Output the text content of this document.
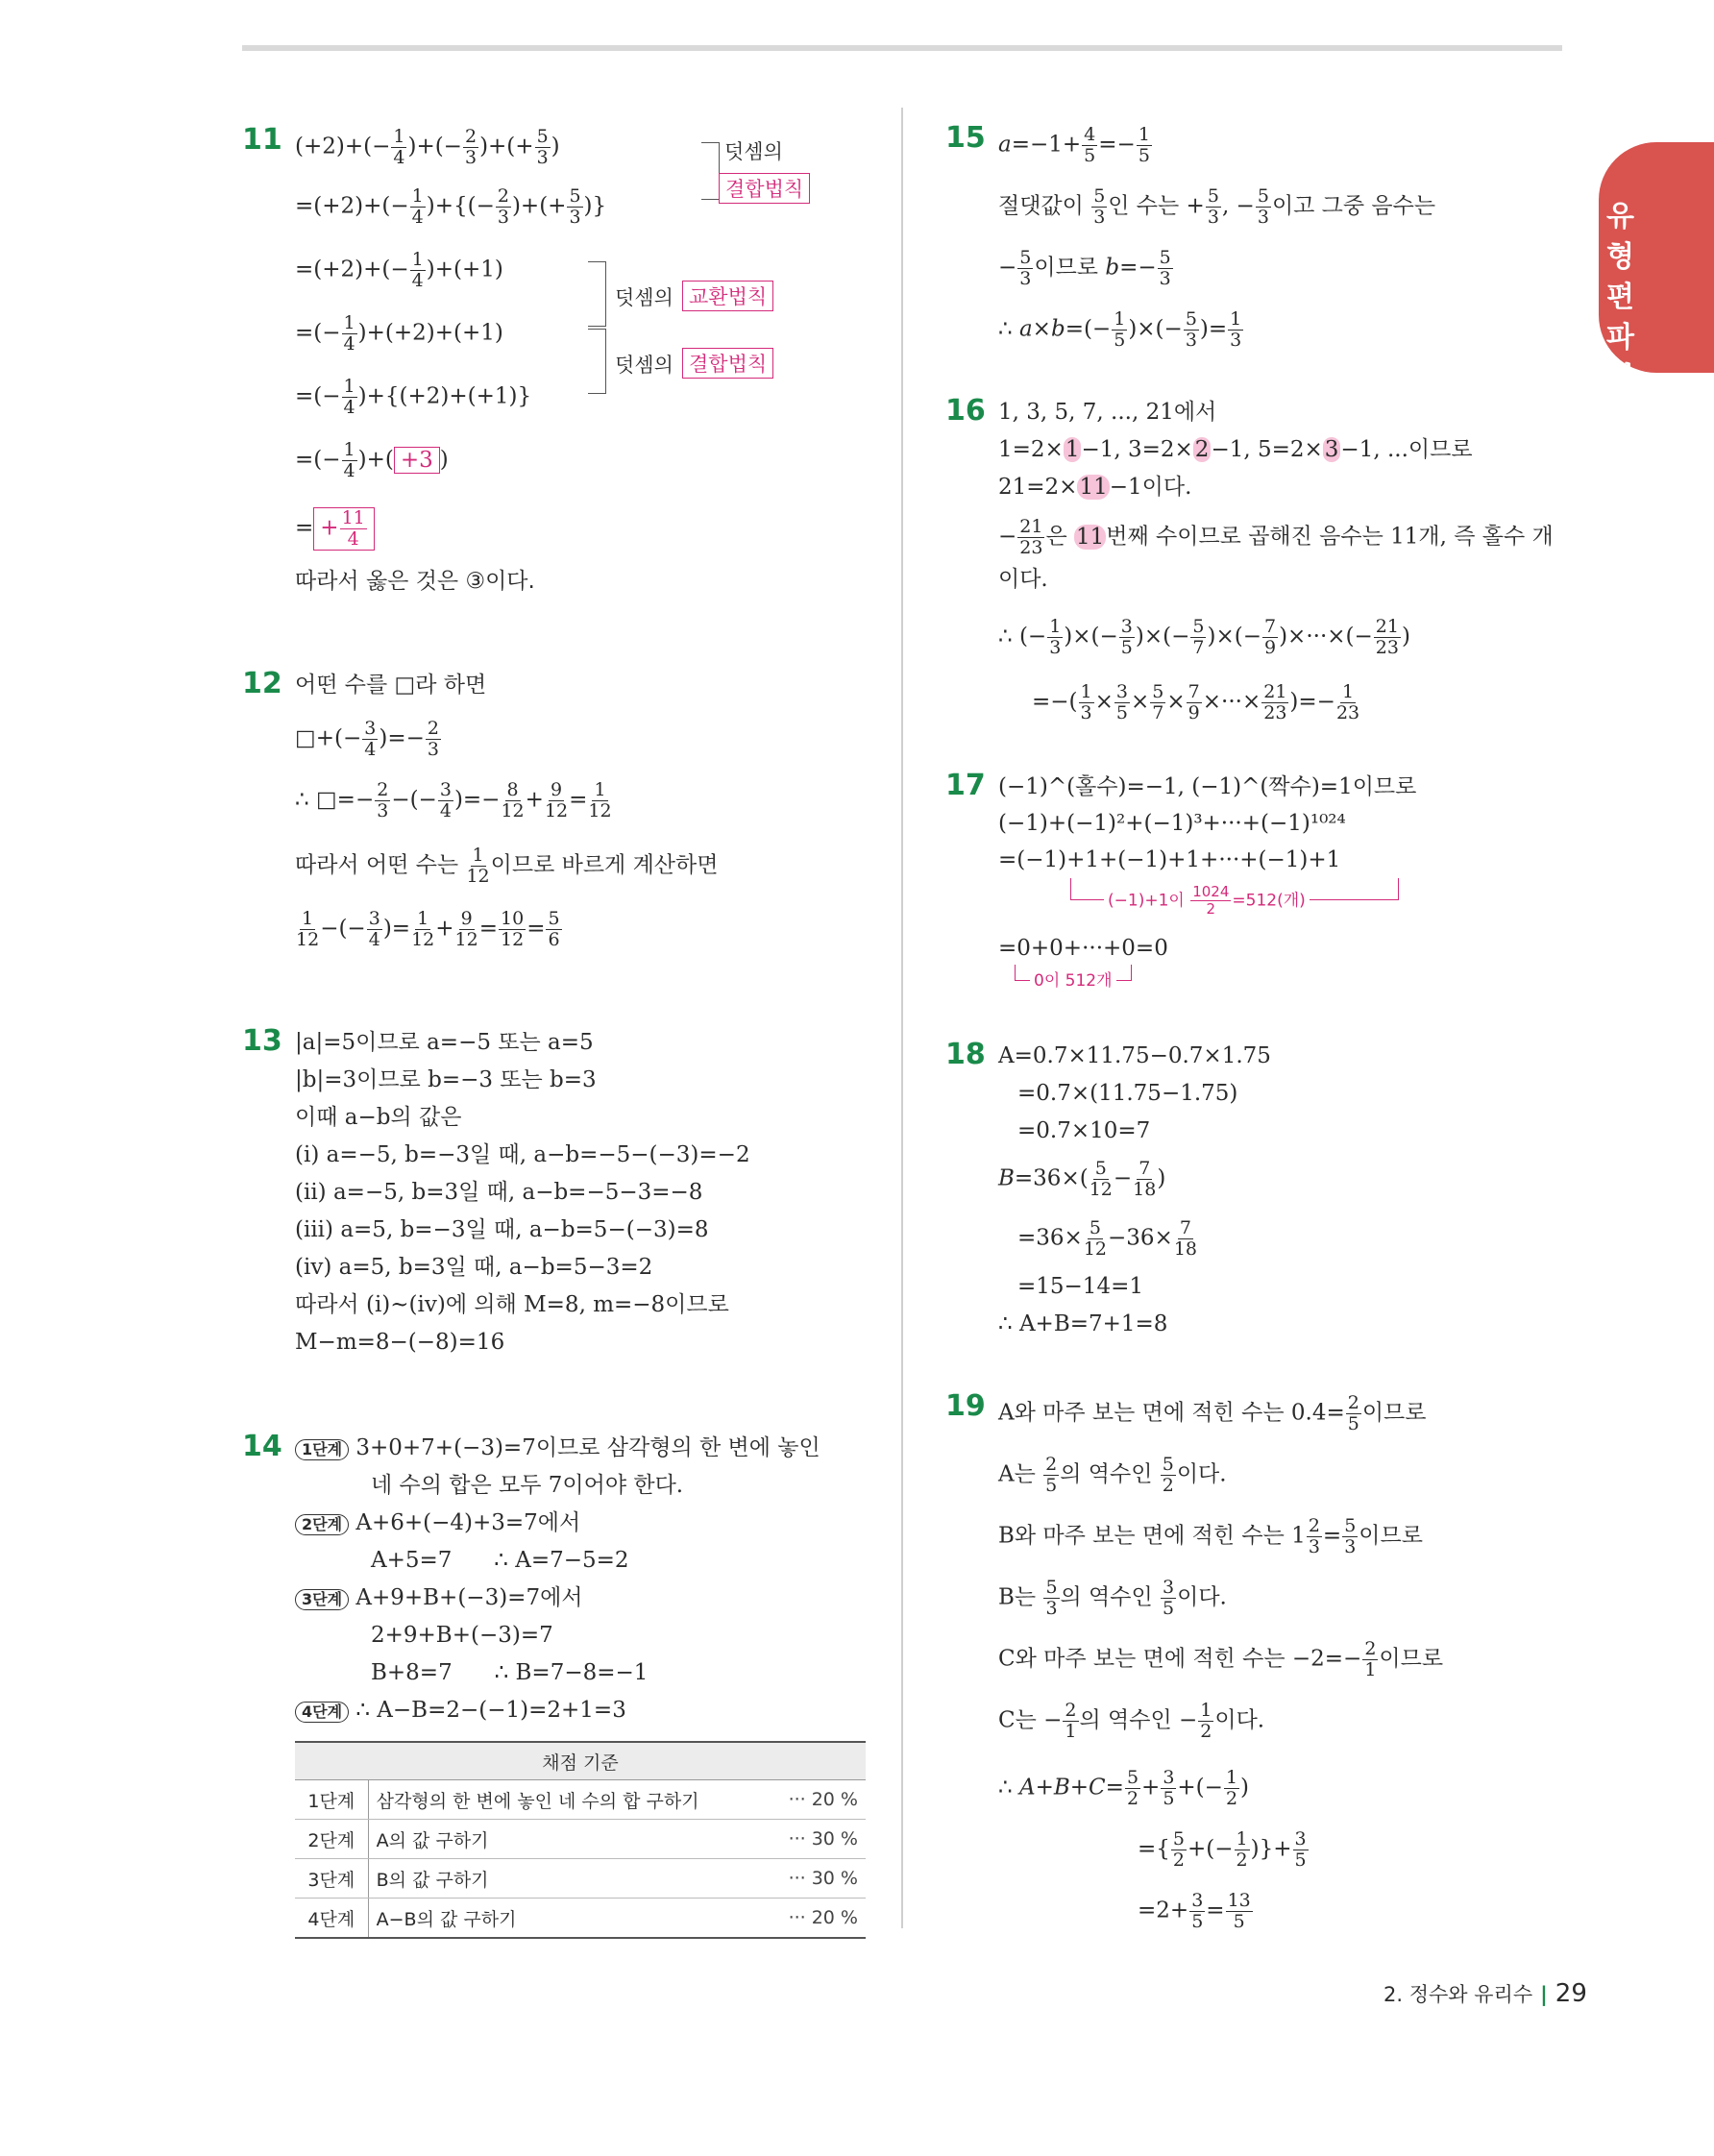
유형편 파워
11 $(+2)+(- \frac{1}{4}$ )+(− $\frac{2}{3}$ )+(+ $\frac{5}{3}$ )
$=(+2)+(- \frac{1}{4}$ )+{(− $\frac{2}{3}$ )+(+ $\frac{5}{3}$ )}
$=(+2)+(- \frac{1}{4} )+(+1)$
=(− $\frac{1}{4} )+(+2)+(+1)$
=(− $\frac{1}{4} )+\{(+2)+(+1)\}$
=(− $\frac{1}{4}$ )+( +3 )
= + $\frac{11}{4}$
따라서 옳은 것은 ③이다.
덧셈의
결합법칙
덧셈의 교환법칙
덧셈의 결합법칙
12 어떤 수를 □라 하면
□+(− $\frac{3}{4}$ )=− $\frac{2}{3}$
∴ □=− $\frac{2}{3}$ −(− $\frac{3}{4}$ )=− $\frac{8}{12} + \frac{9}{12} = \frac{1}{12}$
따라서 어떤 수는 $\frac{1}{12}$ 이므로 바르게 계산하면
$\frac{1}{12}$ −(− $\frac{3}{4}$ )= $\frac{1}{12} + \frac{9}{12} = \frac{10}{12} = \frac{5}{6}$
13 |a|=5이므로 a=−5 또는 a=5
|b|=3이므로 b=−3 또는 b=3
이때 a−b의 값은
(i) a=−5, b=−3일 때, a−b=−5−(−3)=−2
(ii) a=−5, b=3일 때, a−b=−5−3=−8
(iii) a=5, b=−3일 때, a−b=5−(−3)=8
(iv) a=5, b=3일 때, a−b=5−3=2
따라서 (i)~(iv)에 의해 M=8, m=−8이므로
M−m=8−(−8)=16
14	1단계 3+0+7+(−3)=7이므로 삼각형의 한 변에 놓인
네 수의 합은 모두 7이어야 한다.
2단계 A+6+(−4)+3=7에서
A+5=7      ∴ A=7−5=2
3단계 A+9+B+(−3)=7에서
2+9+B+(−3)=7
B+8=7      ∴ B=7−8=−1
4단계 ∴ A−B=2−(−1)=2+1=3
채점 기준		
1단계	삼각형의 한 변에 놓인 네 수의 합 구하기	··· 20 %
2단계	A의 값 구하기	··· 30 %
3단계	B의 값 구하기	··· 30 %
4단계	A−B의 값 구하기	··· 20 %
15 $a=-1+ \frac{4}{5} =- \frac{1}{5}$
절댓값이 $\frac{5}{3}$ 인 수는 + $\frac{5}{3}$ , − $\frac{5}{3}$ 이고 그중 음수는
− $\frac{5}{3}$ 이므로 $b=- \frac{5}{3}$
∴ $a\times b=(- \frac{1}{5}$ )×(− $\frac{5}{3}$ )= $\frac{1}{3}$
16 1, 3, 5, 7, ..., 21에서
1=2×1−1, 3=2×2−1, 5=2×3−1, ...이므로
21=2×11−1이다.
− $\frac{21}{23}$ 은 11번째 수이므로 곱해진 음수는 11개, 즉 홀수 개
이다.
∴ (− $\frac{1}{3}$ )×(− $\frac{3}{5}$ )×(− $\frac{5}{7}$ )×(− $\frac{7}{9}$ )×···×(− $\frac{21}{23}$ )
=−( $\frac{1}{3} \times \frac{3}{5} \times \frac{5}{7} \times \frac{7}{9}$ ×···× $\frac{21}{23}$ )=− $\frac{1}{23}$
17 (−1)^(홀수)=−1, (−1)^(짝수)=1이므로
(−1)+(−1)²+(−1)³+···+(−1)¹⁰²⁴
=(−1)+1+(−1)+1+···+(−1)+1
(−1)+1이 $\frac{1024}{2} =512$(개)
=0+0+···+0=0
0이 512개
18 A=0.7×11.75−0.7×1.75
=0.7×(11.75−1.75)
=0.7×10=7
$B=36\times( \frac{5}{12} - \frac{7}{18}$ )
$=36\times \frac{5}{12} -36\times \frac{7}{18}$
=15−14=1
∴ A+B=7+1=8
19 A와 마주 보는 면에 적힌 수는 $0.4= \frac{2}{5}$ 이므로
A는 $\frac{2}{5}$ 의 역수인 $\frac{5}{2}$ 이다.
B와 마주 보는 면에 적힌 수는 $1 \frac{2}{3} = \frac{5}{3}$ 이므로
B는 $\frac{5}{3}$ 의 역수인 $\frac{3}{5}$ 이다.
C와 마주 보는 면에 적힌 수는 $-2=- \frac{2}{1}$ 이므로
C는 − $\frac{2}{1}$ 의 역수인 − $\frac{1}{2}$ 이다.
∴ $A+B+C= \frac{5}{2} + \frac{3}{5}$ +(− $\frac{1}{2}$ )
={ $\frac{5}{2}$ +(− $\frac{1}{2}$ )}+ $\frac{3}{5}$
$=2+ \frac{3}{5} = \frac{13}{5}$
2. 정수와 유리수 | 29
